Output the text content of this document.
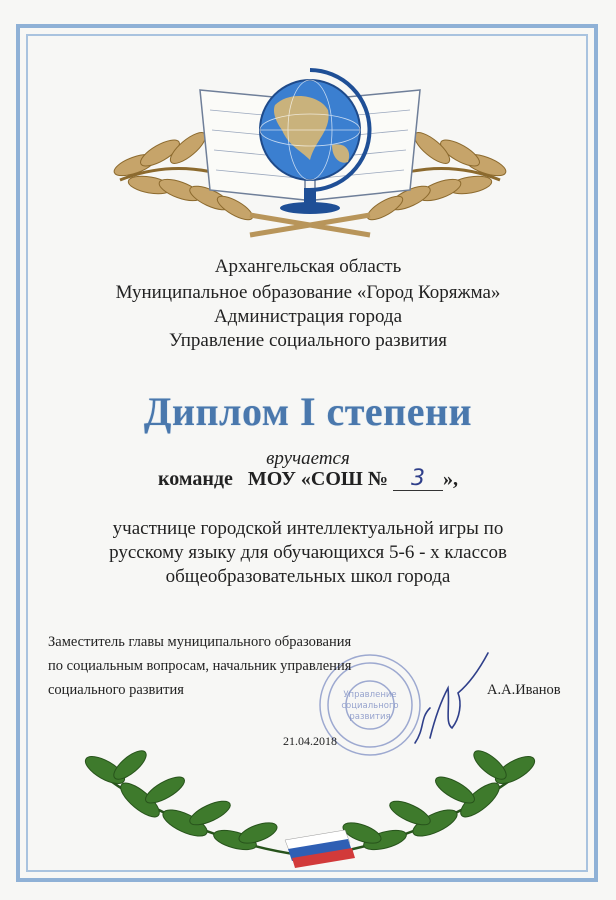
Архангельская область
Муниципальное образование «Город Коряжма»
Администрация города
Управление социального развития
Диплом I степени
вручается
команде   МОУ «СОШ № 3 »,
участнице городской интеллектуальной игры по
русскому языку для обучающихся 5-6 - х классов
общеобразовательных школ города
Управление
социального
развития
Заместитель главы муниципального образования
по социальным вопросам, начальник управления
социального развития	А.А.Иванов
21.04.2018
